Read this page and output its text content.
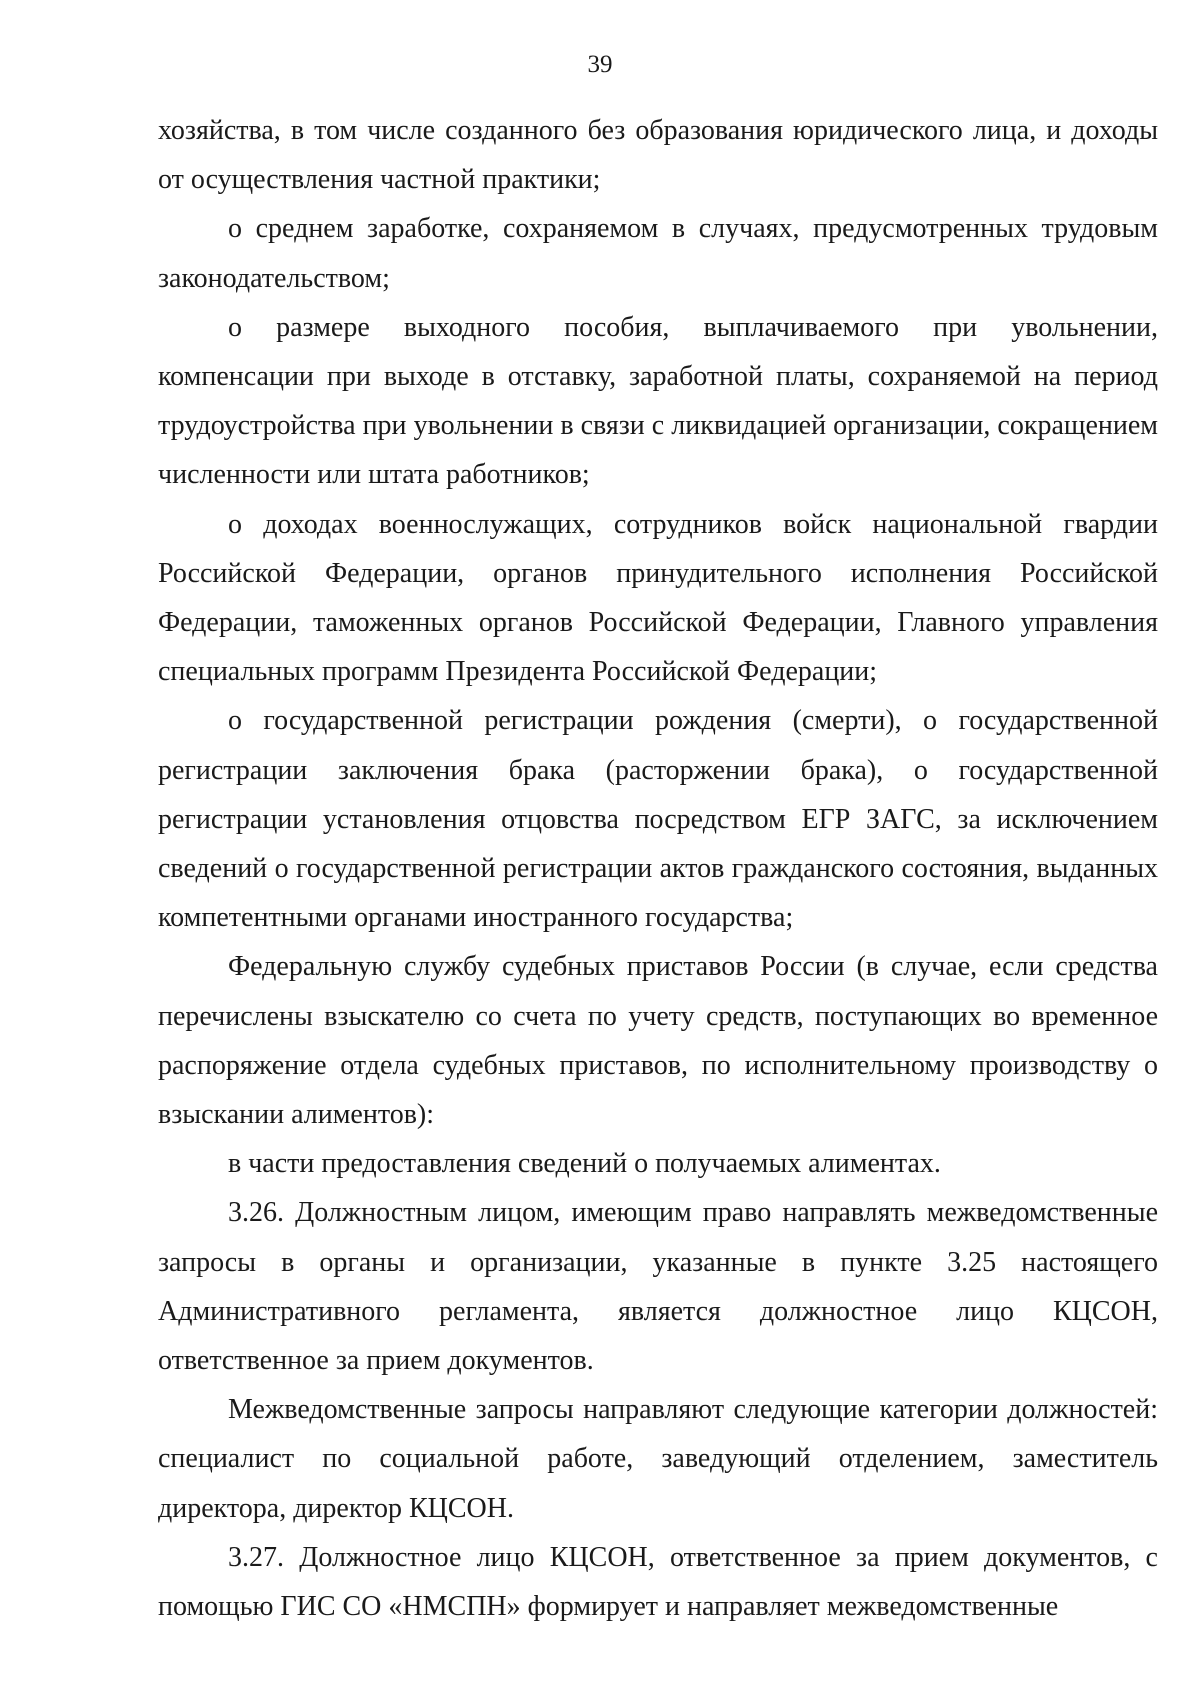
39

хозяйства, в том числе созданного без образования юридического лица, и доходы от осуществления частной практики;

о среднем заработке, сохраняемом в случаях, предусмотренных трудовым законодательством;

о размере выходного пособия, выплачиваемого при увольнении, компенсации при выходе в отставку, заработной платы, сохраняемой на период трудоустройства при увольнении в связи с ликвидацией организации, сокращением численности или штата работников;

о доходах военнослужащих, сотрудников войск национальной гвардии Российской Федерации, органов принудительного исполнения Российской Федерации, таможенных органов Российской Федерации, Главного управления специальных программ Президента Российской Федерации;

о государственной регистрации рождения (смерти), о государственной регистрации заключения брака (расторжении брака), о государственной регистрации установления отцовства посредством ЕГР ЗАГС, за исключением сведений о государственной регистрации актов гражданского состояния, выданных компетентными органами иностранного государства;

Федеральную службу судебных приставов России (в случае, если средства перечислены взыскателю со счета по учету средств, поступающих во временное распоряжение отдела судебных приставов, по исполнительному производству о взыскании алиментов):

в части предоставления сведений о получаемых алиментах.

3.26. Должностным лицом, имеющим право направлять межведомственные запросы в органы и организации, указанные в пункте 3.25 настоящего Административного регламента, является должностное лицо КЦСОН, ответственное за прием документов.

Межведомственные запросы направляют следующие категории должностей: специалист по социальной работе, заведующий отделением, заместитель директора, директор КЦСОН.

3.27. Должностное лицо КЦСОН, ответственное за прием документов, с помощью ГИС СО «НМСПН» формирует и направляет межведомственные
